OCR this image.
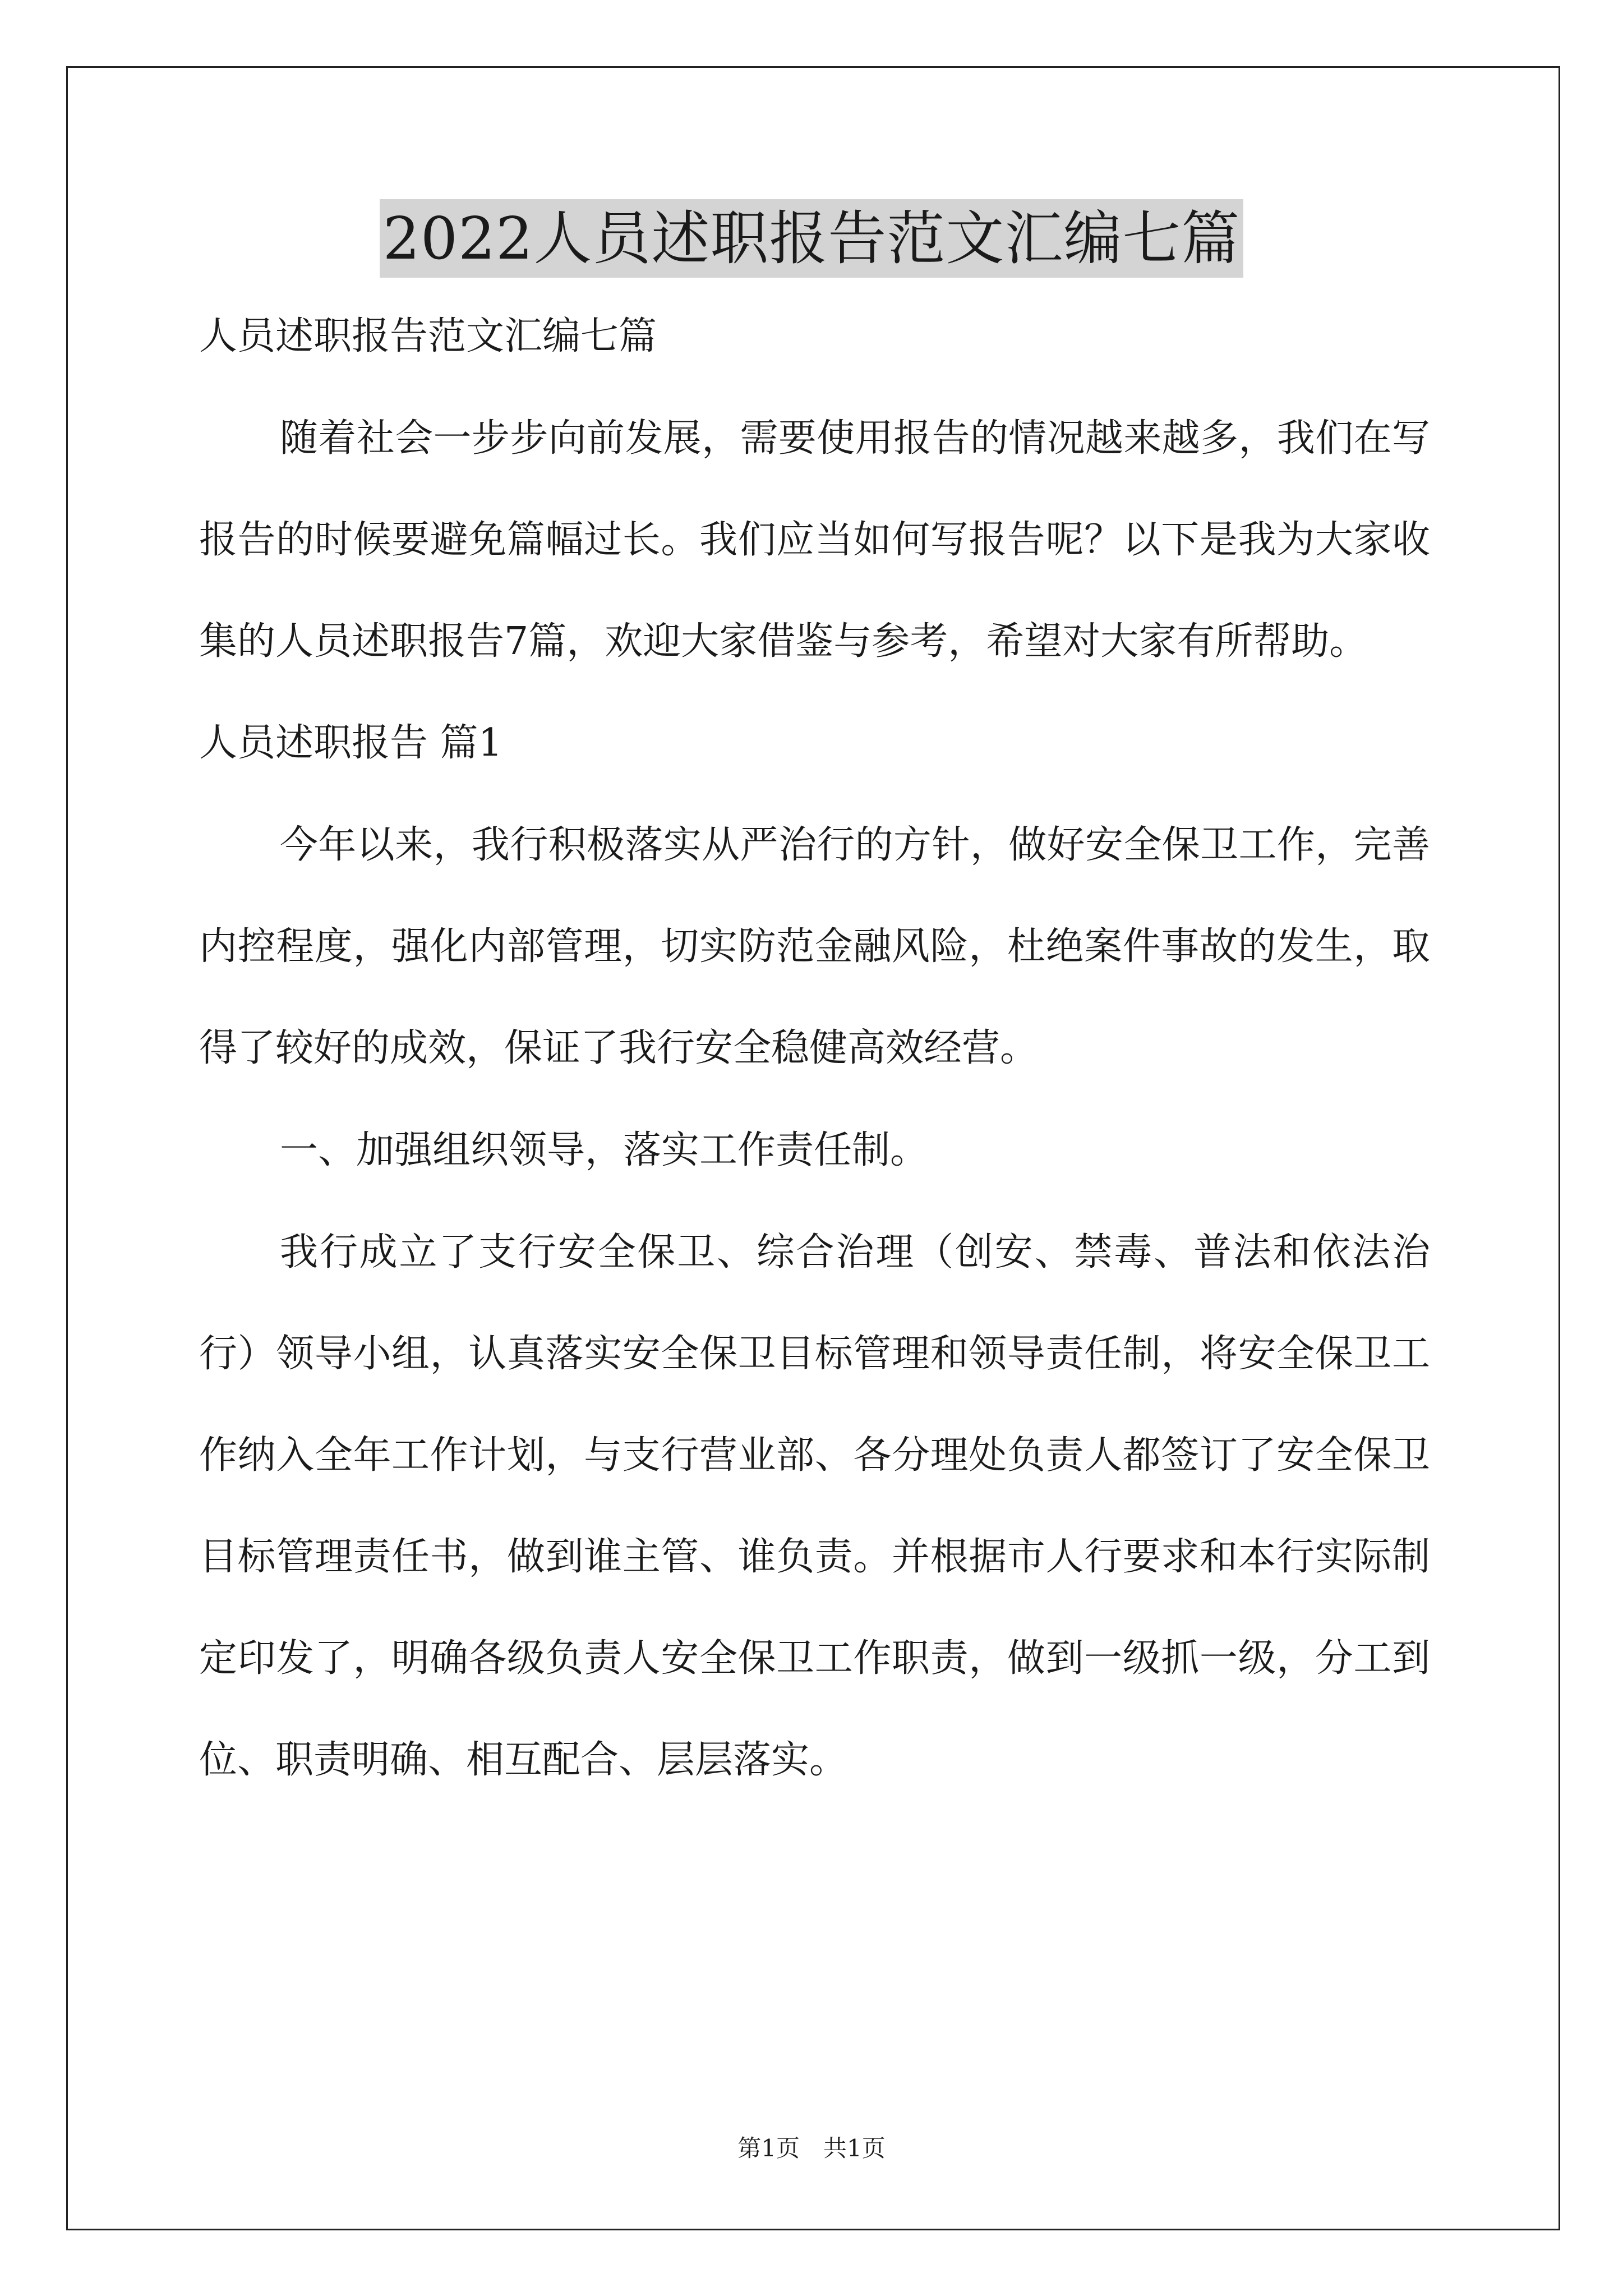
2022人员述职报告范文汇编七篇
人员述职报告范文汇编七篇

随着社会一步步向前发展，需要使用报告的情况越来越多，我们在写报告的时候要避免篇幅过长。我们应当如何写报告呢？以下是我为大家收集的人员述职报告7篇，欢迎大家借鉴与参考，希望对大家有所帮助。

人员述职报告 篇1

今年以来，我行积极落实从严治行的方针，做好安全保卫工作，完善内控程度，强化内部管理，切实防范金融风险，杜绝案件事故的发生，取得了较好的成效，保证了我行安全稳健高效经营。

一、加强组织领导，落实工作责任制。

我行成立了支行安全保卫、综合治理（创安、禁毒、普法和依法治行）领导小组，认真落实安全保卫目标管理和领导责任制，将安全保卫工作纳入全年工作计划，与支行营业部、各分理处负责人都签订了安全保卫目标管理责任书，做到谁主管、谁负责。并根据市人行要求和本行实际制定印发了，明确各级负责人安全保卫工作职责，做到一级抓一级，分工到位、职责明确、相互配合、层层落实。

第1页　共1页
